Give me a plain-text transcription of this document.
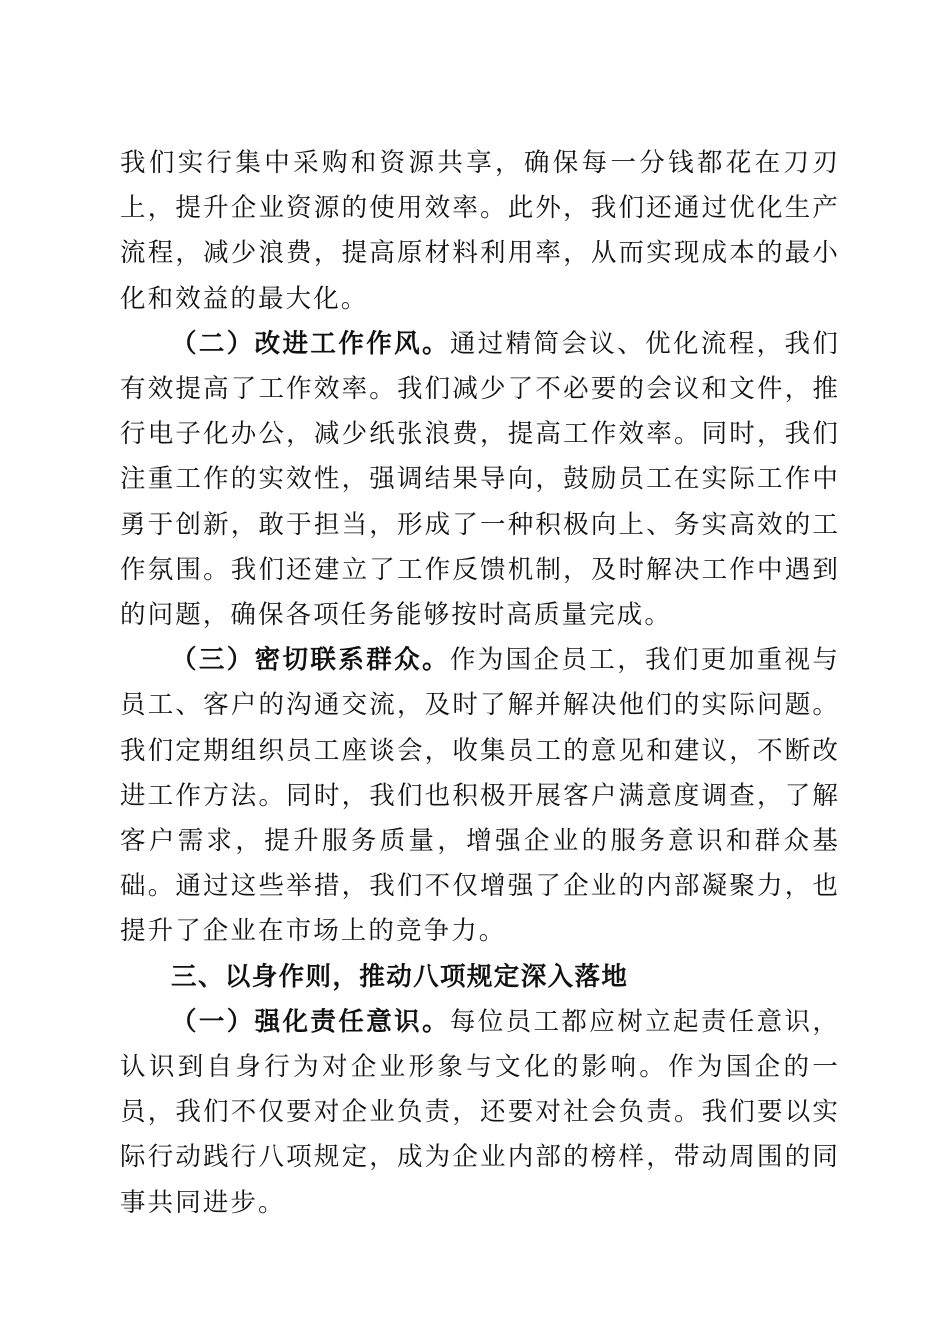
我们实行集中采购和资源共享，确保每一分钱都花在刀刃上，提升企业资源的使用效率。此外，我们还通过优化生产流程，减少浪费，提高原材料利用率，从而实现成本的最小化和效益的最大化。

（二）改进工作作风。通过精简会议、优化流程，我们有效提高了工作效率。我们减少了不必要的会议和文件，推行电子化办公，减少纸张浪费，提高工作效率。同时，我们注重工作的实效性，强调结果导向，鼓励员工在实际工作中勇于创新，敢于担当，形成了一种积极向上、务实高效的工作氛围。我们还建立了工作反馈机制，及时解决工作中遇到的问题，确保各项任务能够按时高质量完成。

（三）密切联系群众。作为国企员工，我们更加重视与员工、客户的沟通交流，及时了解并解决他们的实际问题。我们定期组织员工座谈会，收集员工的意见和建议，不断改进工作方法。同时，我们也积极开展客户满意度调查，了解客户需求，提升服务质量，增强企业的服务意识和群众基础。通过这些举措，我们不仅增强了企业的内部凝聚力，也提升了企业在市场上的竞争力。

三、以身作则，推动八项规定深入落地

（一）强化责任意识。每位员工都应树立起责任意识，认识到自身行为对企业形象与文化的影响。作为国企的一员，我们不仅要对企业负责，还要对社会负责。我们要以实际行动践行八项规定，成为企业内部的榜样，带动周围的同事共同进步。
